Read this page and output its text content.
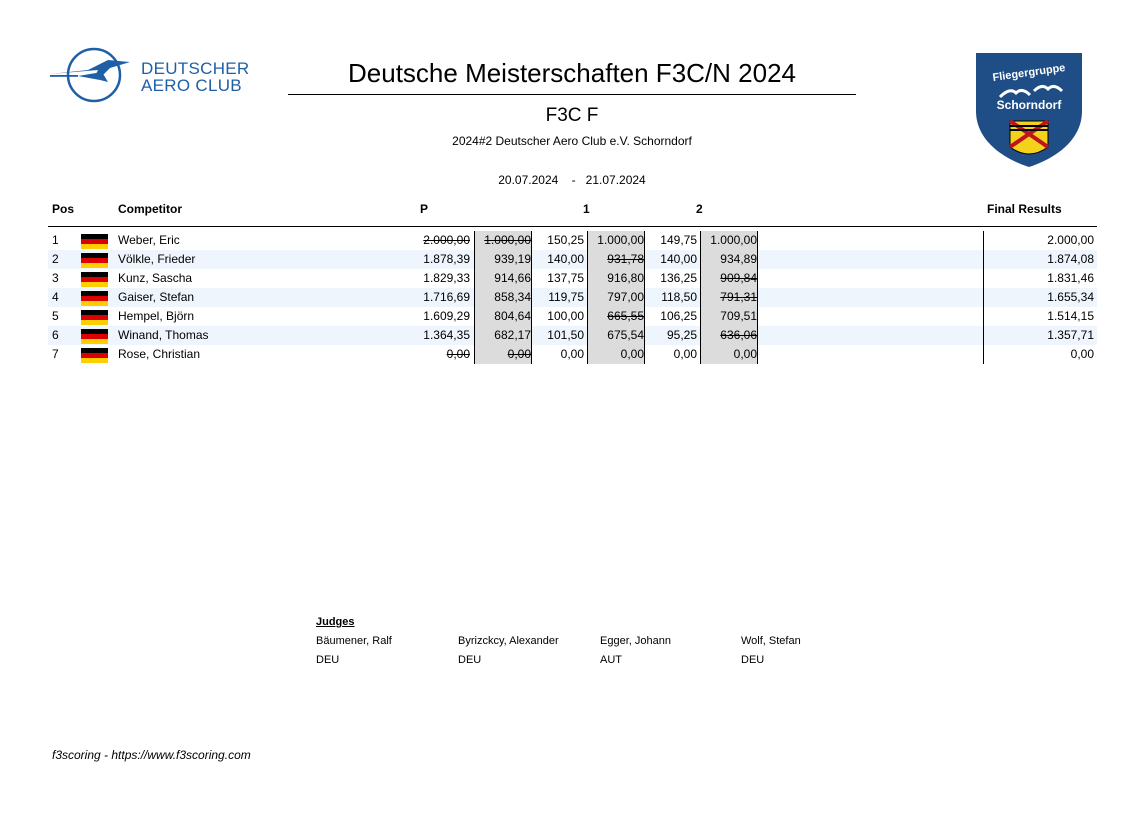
DEUTSCHER
AERO CLUB	Deutsche Meisterschaften F3C/N 2024
F3C F
2024#2 Deutscher Aero Club e.V. Schorndorf
20.07.2024 - 21.07.2024
Fliegergruppe
Schorndorf
Pos	Competitor	P	1	2	Final Results
1	Weber, Eric	2.000,00	1.000,00	150,25	1.000,00	149,75	1.000,00	2.000,00
2	Völkle, Frieder	1.878,39	939,19	140,00	931,78	140,00	934,89	1.874,08
3	Kunz, Sascha	1.829,33	914,66	137,75	916,80	136,25	909,84	1.831,46
4	Gaiser, Stefan	1.716,69	858,34	119,75	797,00	118,50	791,31	1.655,34
5	Hempel, Björn	1.609,29	804,64	100,00	665,55	106,25	709,51	1.514,15
6	Winand, Thomas	1.364,35	682,17	101,50	675,54	95,25	636,06	1.357,71
7	Rose, Christian	0,00	0,00	0,00	0,00	0,00	0,00	0,00
Judges
Bäumener, Ralf	Byrizckcy, Alexander	Egger, Johann	Wolf, Stefan
DEU	DEU	AUT	DEU
f3scoring - https://www.f3scoring.com
